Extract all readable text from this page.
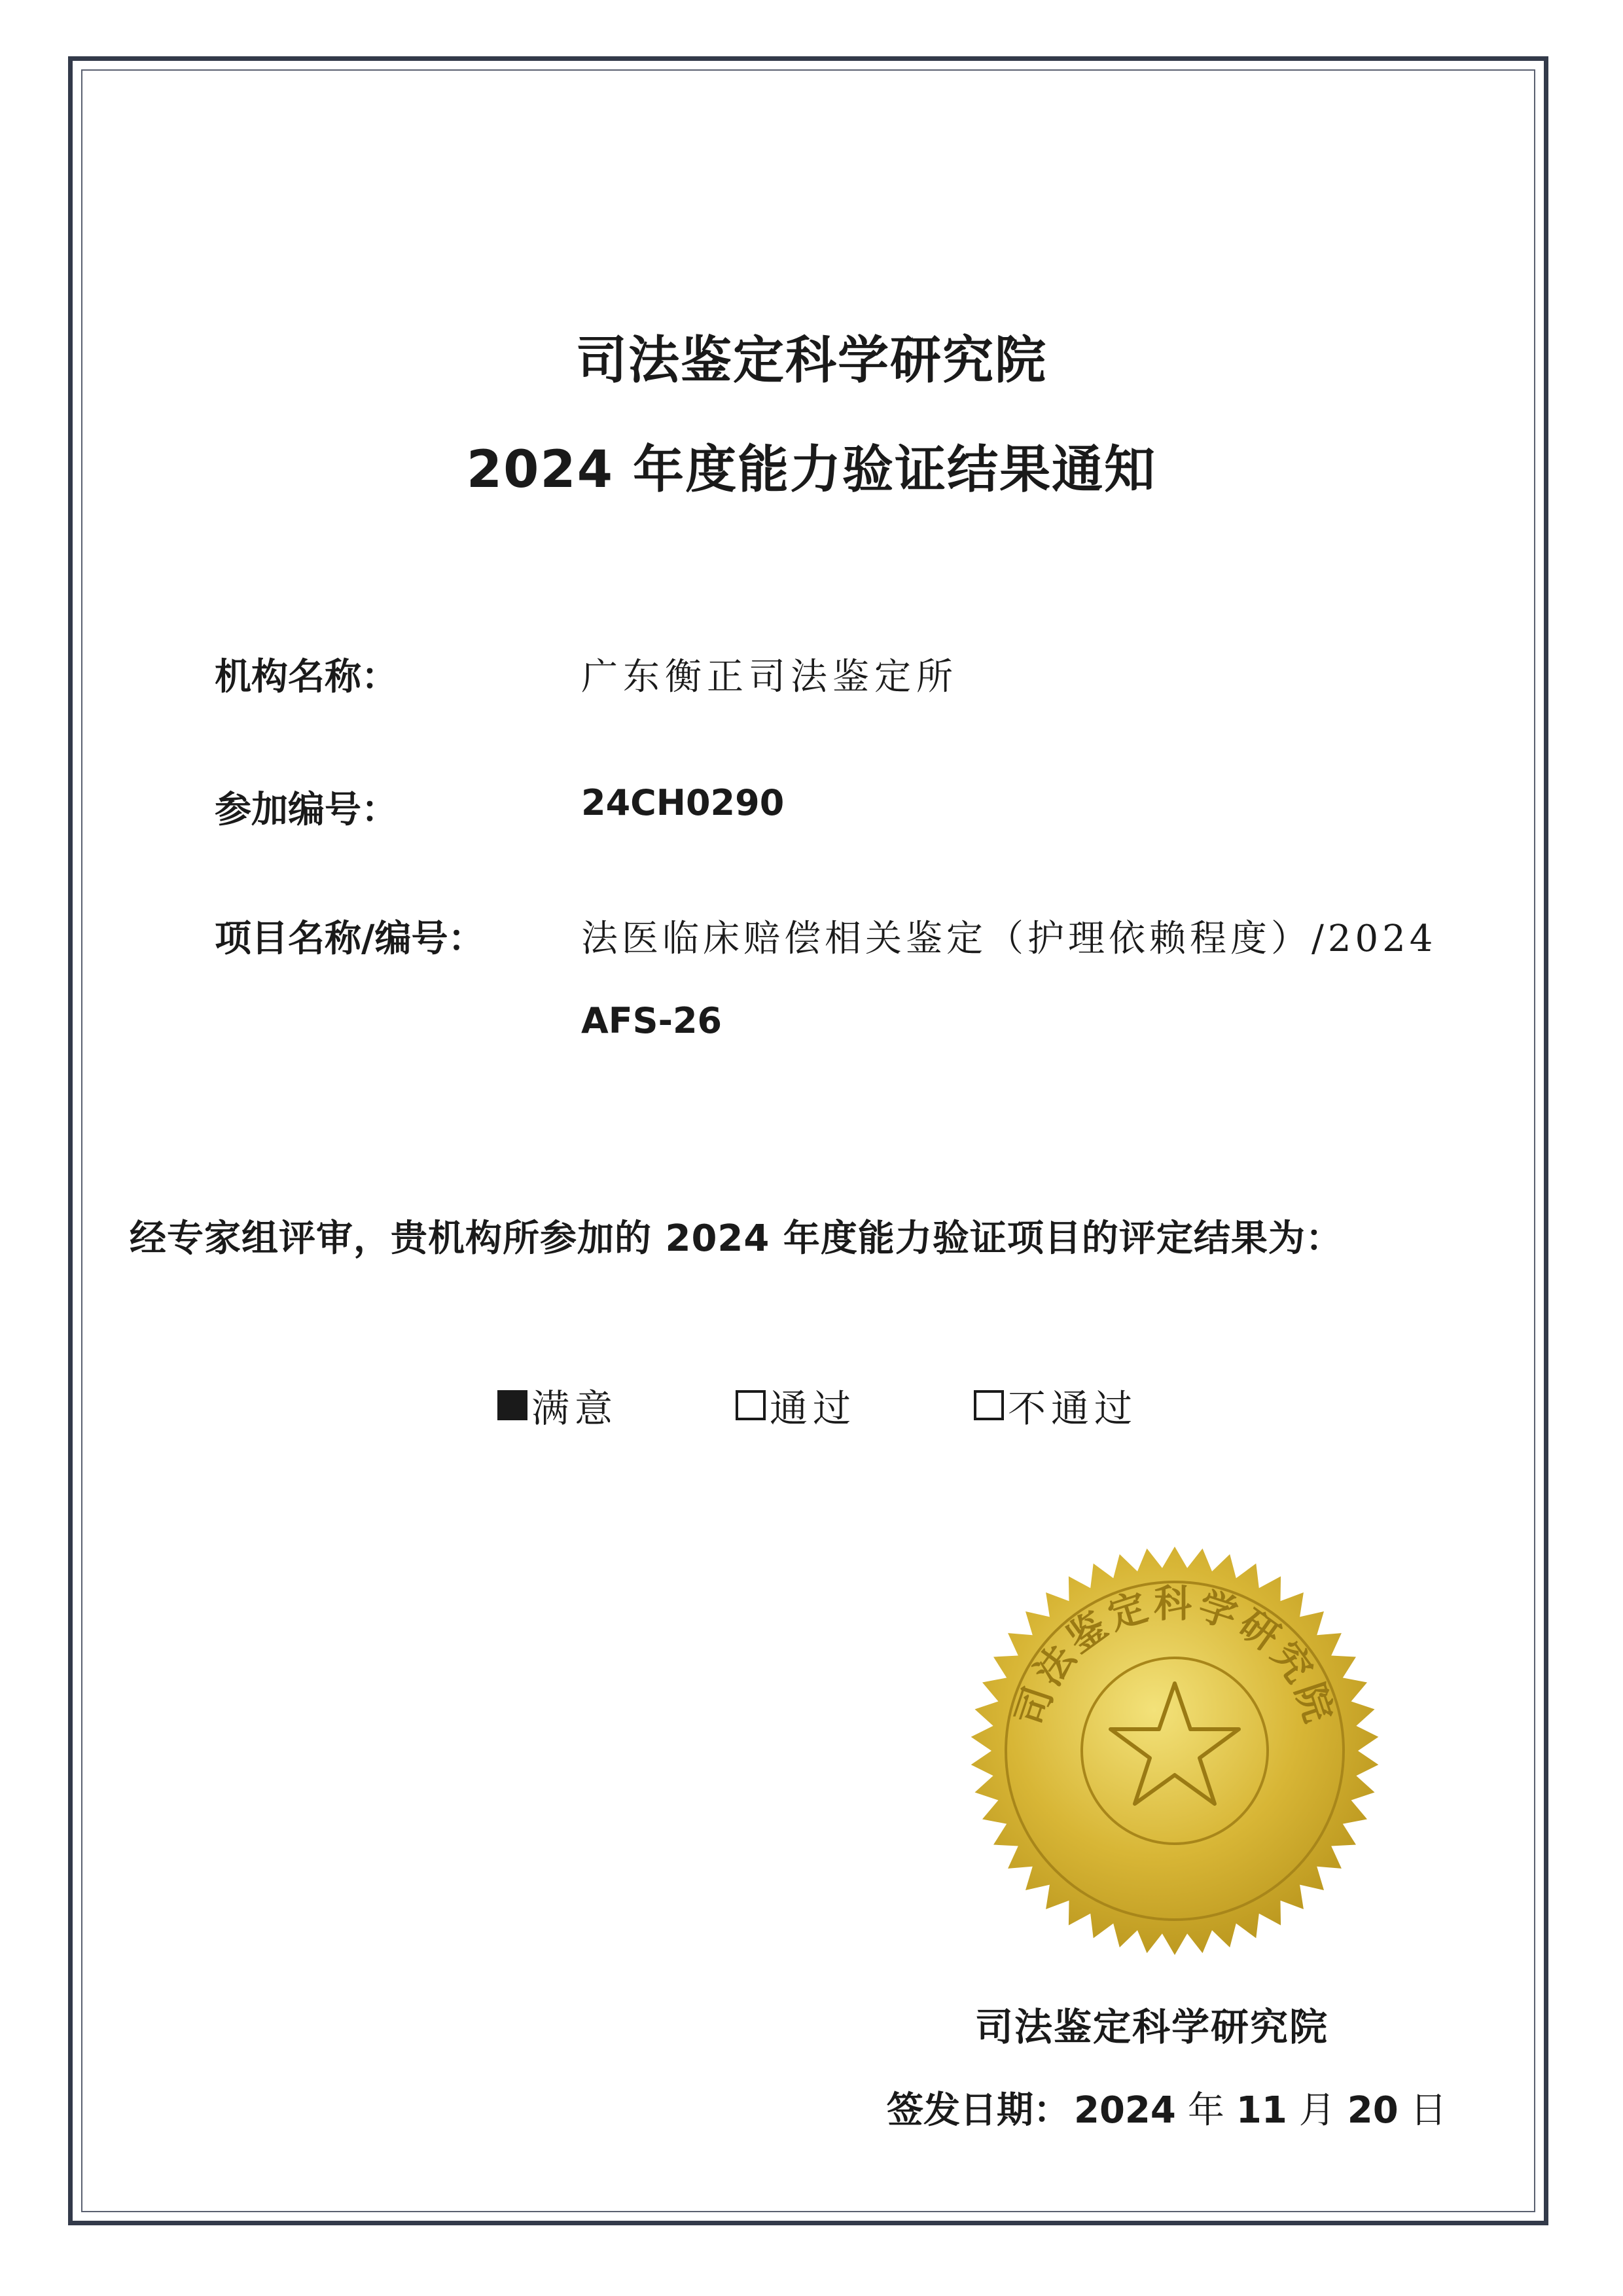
司法鉴定科学研究院
2024 年度能力验证结果通知
机构名称：	广东衡正司法鉴定所
参加编号：	24CH0290
项目名称/编号：	法医临床赔偿相关鉴定（护理依赖程度）/2024
AFS-26
经专家组评审，贵机构所参加的 2024 年度能力验证项目的评定结果为：
满意	通过	不通过
司法鉴定科学研究院
司法鉴定科学研究院
签发日期： 2024 年 11 月 20 日
